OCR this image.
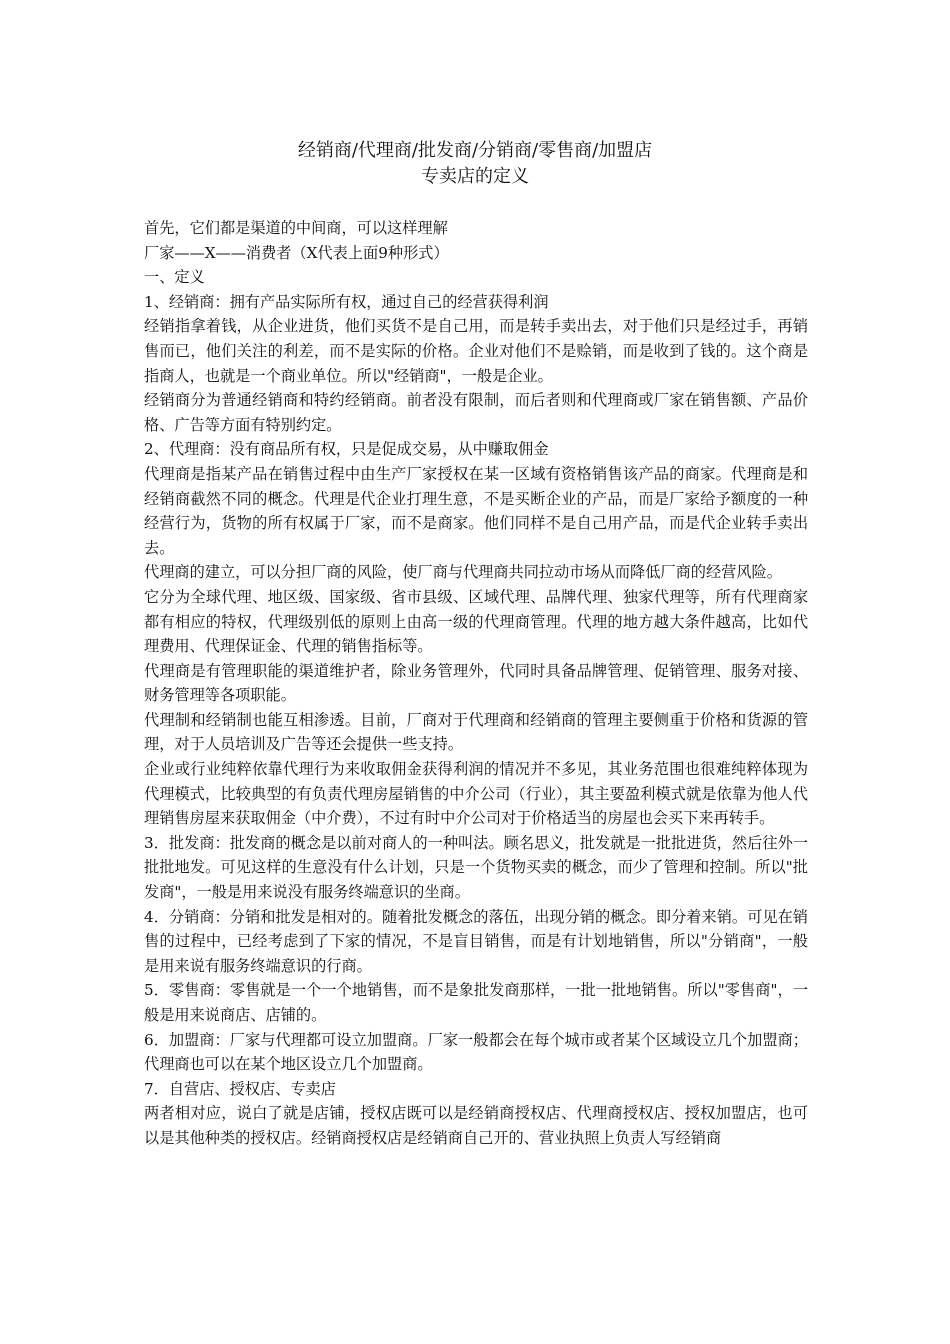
经销商/代理商/批发商/分销商/零售商/加盟店
专卖店的定义

首先，它们都是渠道的中间商，可以这样理解

厂家——X——消费者（X代表上面9种形式）

一、定义

1、经销商：拥有产品实际所有权，通过自己的经营获得利润

经销指拿着钱，从企业进货，他们买货不是自己用，而是转手卖出去，对于他们只是经过手，再销售而已，他们关注的利差，而不是实际的价格。企业对他们不是赊销，而是收到了钱的。这个商是指商人，也就是一个商业单位。所以"经销商"，一般是企业。

经销商分为普通经销商和特约经销商。前者没有限制，而后者则和代理商或厂家在销售额、产品价格、广告等方面有特别约定。

2、代理商：没有商品所有权，只是促成交易，从中赚取佣金

代理商是指某产品在销售过程中由生产厂家授权在某一区域有资格销售该产品的商家。代理商是和经销商截然不同的概念。代理是代企业打理生意，不是买断企业的产品，而是厂家给予额度的一种经营行为，货物的所有权属于厂家，而不是商家。他们同样不是自己用产品，而是代企业转手卖出去。

代理商的建立，可以分担厂商的风险，使厂商与代理商共同拉动市场从而降低厂商的经营风险。

它分为全球代理、地区级、国家级、省市县级、区域代理、品牌代理、独家代理等，所有代理商家都有相应的特权，代理级别低的原则上由高一级的代理商管理。代理的地方越大条件越高，比如代理费用、代理保证金、代理的销售指标等。

代理商是有管理职能的渠道维护者，除业务管理外，代同时具备品牌管理、促销管理、服务对接、财务管理等各项职能。

代理制和经销制也能互相渗透。目前，厂商对于代理商和经销商的管理主要侧重于价格和货源的管理，对于人员培训及广告等还会提供一些支持。

企业或行业纯粹依靠代理行为来收取佣金获得利润的情况并不多见，其业务范围也很难纯粹体现为代理模式，比较典型的有负责代理房屋销售的中介公司（行业），其主要盈利模式就是依靠为他人代理销售房屋来获取佣金（中介费），不过有时中介公司对于价格适当的房屋也会买下来再转手。

3．批发商：批发商的概念是以前对商人的一种叫法。顾名思义，批发就是一批批进货，然后往外一批批地发。可见这样的生意没有什么计划，只是一个货物买卖的概念，而少了管理和控制。所以"批发商"，一般是用来说没有服务终端意识的坐商。

4．分销商：分销和批发是相对的。随着批发概念的落伍，出现分销的概念。即分着来销。可见在销售的过程中，已经考虑到了下家的情况，不是盲目销售，而是有计划地销售，所以"分销商"，一般是用来说有服务终端意识的行商。

5．零售商：零售就是一个一个地销售，而不是象批发商那样，一批一批地销售。所以"零售商"，一般是用来说商店、店铺的。

6．加盟商：厂家与代理都可设立加盟商。厂家一般都会在每个城市或者某个区域设立几个加盟商；代理商也可以在某个地区设立几个加盟商。

7．自营店、授权店、专卖店

两者相对应，说白了就是店铺，授权店既可以是经销商授权店、代理商授权店、授权加盟店，也可以是其他种类的授权店。经销商授权店是经销商自己开的、营业执照上负责人写经销商
